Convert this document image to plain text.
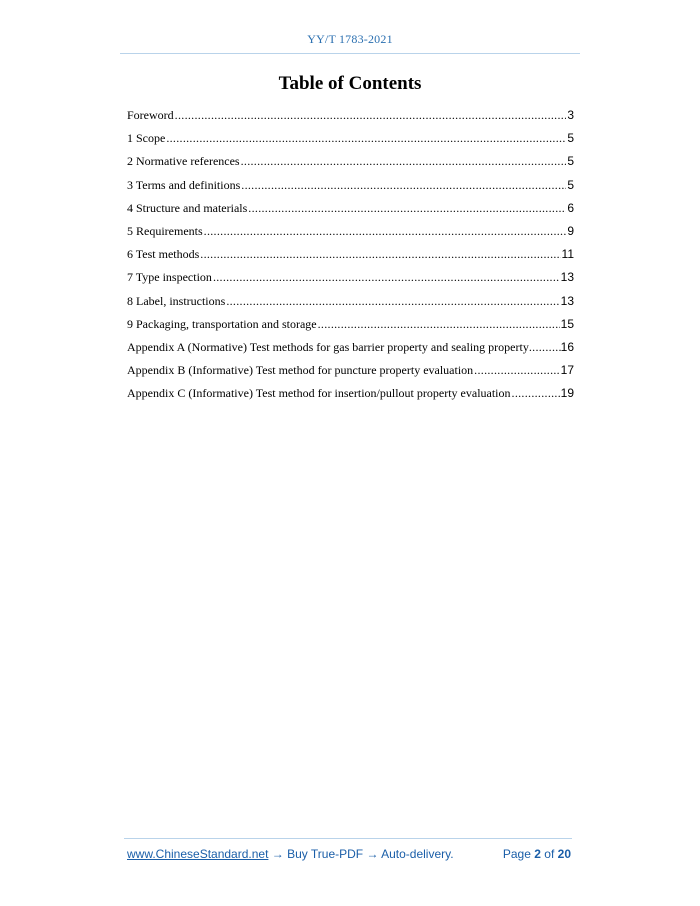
YY/T 1783-2021
Table of Contents
Foreword .....	3
1 Scope .....	5
2 Normative references .....	5
3 Terms and definitions .....	5
4 Structure and materials .....	6
5 Requirements .....	9
6 Test methods .....	11
7 Type inspection .....	13
8 Label, instructions .....	13
9 Packaging, transportation and storage .....	15
Appendix A (Normative) Test methods for gas barrier property and sealing property .....	16
Appendix B (Informative) Test method for puncture property evaluation .....	17
Appendix C (Informative) Test method for insertion/pullout property evaluation .....	19
www.ChineseStandard.net → Buy True-PDF → Auto-delivery.	Page 2 of 20
